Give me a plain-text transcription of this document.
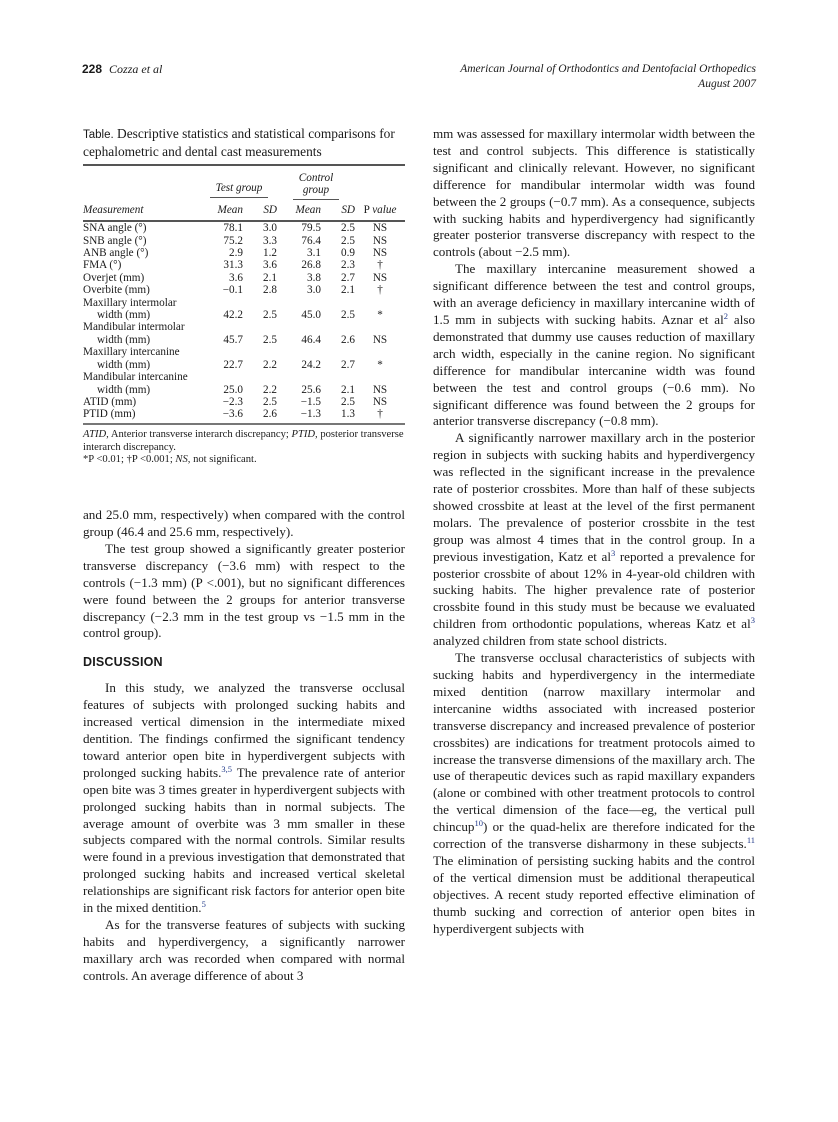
228 Cozza et al	American Journal of Orthodontics and Dentofacial Orthopedics
August 2007
Table. Descriptive statistics and statistical comparisons for cephalometric and dental cast measurements
	Test group		Control
group		

Measurement	Mean	SD	Mean	SD	P value
SNA angle (°)	78.1	3.0	79.5	2.5	NS
SNB angle (°)	75.2	3.3	76.4	2.5	NS
ANB angle (°)	2.9	1.2	3.1	0.9	NS
FMA (°)	31.3	3.6	26.8	2.3	†
Overjet (mm)	3.6	2.1	3.8	2.7	NS
Overbite (mm)	−0.1	2.8	3.0	2.1	†
Maxillary intermolar					
width (mm)	42.2	2.5	45.0	2.5	*
Mandibular intermolar					
width (mm)	45.7	2.5	46.4	2.6	NS
Maxillary intercanine					
width (mm)	22.7	2.2	24.2	2.7	*
Mandibular intercanine					
width (mm)	25.0	2.2	25.6	2.1	NS
ATID (mm)	−2.3	2.5	−1.5	2.5	NS
PTID (mm)	−3.6	2.6	−1.3	1.3	†
ATID, Anterior transverse interarch discrepancy; PTID, posterior transverse interarch discrepancy.
*P <0.01; †P <0.001; NS, not significant.

and 25.0 mm, respectively) when compared with the control group (46.4 and 25.6 mm, respectively).

The test group showed a significantly greater posterior transverse discrepancy (−3.6 mm) with respect to the controls (−1.3 mm) (P <.001), but no significant differences were found between the 2 groups for anterior transverse discrepancy (−2.3 mm in the test group vs −1.5 mm in the control group).

DISCUSSION

In this study, we analyzed the transverse occlusal features of subjects with prolonged sucking habits and increased vertical dimension in the intermediate mixed dentition. The findings confirmed the significant tendency toward anterior open bite in hyperdivergent subjects with prolonged sucking habits.$^{3,5}$ The prevalence rate of anterior open bite was 3 times greater in hyperdivergent subjects with prolonged sucking habits than in normal subjects. The average amount of overbite was 3 mm smaller in these subjects compared with the normal controls. Similar results were found in a previous investigation that demonstrated that prolonged sucking habits and increased vertical skeletal relationships are significant risk factors for anterior open bite in the mixed dentition.$^5$

As for the transverse features of subjects with sucking habits and hyperdivergency, a significantly narrower maxillary arch was recorded when compared with normal controls. An average difference of about 3

mm was assessed for maxillary intermolar width between the test and control subjects. This difference is statistically significant and clinically relevant. However, no significant difference for mandibular intermolar width was found between the 2 groups (−0.7 mm). As a consequence, subjects with sucking habits and hyperdivergency had significantly greater posterior transverse discrepancy with respect to the controls (about −2.5 mm).

The maxillary intercanine measurement showed a significant difference between the test and control groups, with an average deficiency in maxillary intercanine width of 1.5 mm in subjects with sucking habits. Aznar et $al^2$ also demonstrated that dummy use causes reduction of maxillary arch width, especially in the canine region. No significant difference for mandibular intercanine width was found between the test and control groups (−0.6 mm). No significant difference was found between the 2 groups for anterior transverse discrepancy (−0.8 mm).

A significantly narrower maxillary arch in the posterior region in subjects with sucking habits and hyperdivergency was reflected in the significant increase in the prevalence rate of posterior crossbites. More than half of these subjects showed crossbite at least at the level of the first permanent molars. The prevalence of posterior crossbite in the test group was almost 4 times that in the control group. In a previous investigation, Katz et $al^3$ reported a prevalence for posterior crossbite of about 12% in 4-year-old children with sucking habits. The higher prevalence rate of posterior crossbite found in this study must be because we evaluated children from orthodontic populations, whereas Katz et $al^3$ analyzed children from state school districts.

The transverse occlusal characteristics of subjects with sucking habits and hyperdivergency in the intermediate mixed dentition (narrow maxillary intermolar and intercanine widths associated with increased posterior transverse discrepancy and increased prevalence of posterior crossbites) are indications for treatment protocols aimed to increase the transverse dimensions of the maxillary arch. The use of therapeutic devices such as rapid maxillary expanders (alone or combined with other treatment protocols to control the vertical dimension of the face—eg, the vertical pull chincup$^{10}$) or the quad-helix are therefore indicated for the correction of the transverse disharmony in these subjects.$^{11}$ The elimination of persisting sucking habits and the control of the vertical dimension must be additional therapeutical objectives. A recent study reported effective elimination of thumb sucking and correction of anterior open bites in hyperdivergent subjects with
